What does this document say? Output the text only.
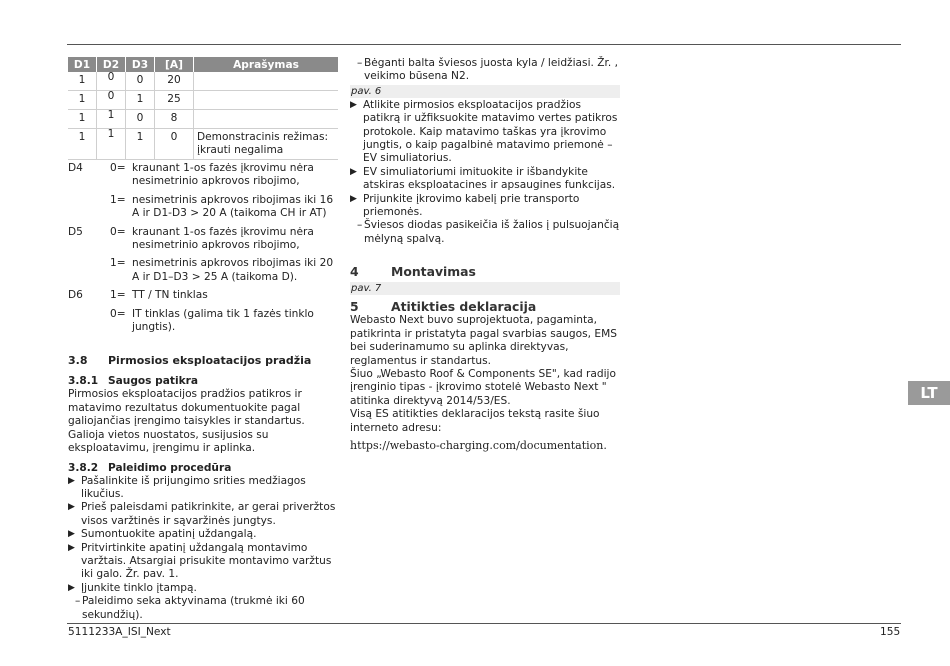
D1	D2	D3	[A]	Aprašymas
1	0	0	20	
1	0	1	25	
1	1	0	8	
1	1	1	0	Demonstracinis režimas: įkrauti negalima
D4	0= kraunant 1-os fazės įkrovimu nėra nesimetrinio apkrovos ribojimo,
1= nesimetrinis apkrovos ribojimas iki 16 A ir D1-D3 > 20 A (taikoma CH ir AT)
D5	0= kraunant 1-os fazės įkrovimu nėra nesimetrinio apkrovos ribojimo,
1= nesimetrinis apkrovos ribojimas iki 20 A ir D1–D3 > 25 A (taikoma D).
D6	1= TT / TN tinklas
0= IT tinklas (galima tik 1 fazės tinklo jungtis).
3.8	Pirmosios eksploatacijos pradžia
3.8.1 Saugos patikra

Pirmosios eksploatacijos pradžios patikros ir matavimo rezultatus dokumentuokite pagal galiojančias įrengimo taisykles ir standartus.

Galioja vietos nuostatos, susijusios su eksploatavimu, įrengimu ir aplinka.

3.8.2 Paleidimo procedūra
▶ Pašalinkite iš prijungimo srities medžiagos likučius.
▶ Prieš paleisdami patikrinkite, ar gerai priveržtos visos varžtinės ir sąvaržinės jungtys.
▶ Sumontuokite apatinį uždangalą.
▶ Pritvirtinkite apatinį uždangalą montavimo varžtais. Atsargiai prisukite montavimo varžtus iki galo. Žr. pav. 1.
▶ Įjunkite tinklo įtampą.
– Paleidimo seka aktyvinama (trukmė iki 60 sekundžių).
– Bėganti balta šviesos juosta kyla / leidžiasi. Žr. , veikimo būsena N2.
pav. 6
▶ Atlikite pirmosios eksploatacijos pradžios patikrą ir užfiksuokite matavimo vertes patikros protokole. Kaip matavimo taškas yra įkrovimo jungtis, o kaip pagalbinė matavimo priemonė – EV simuliatorius.
▶ EV simuliatoriumi imituokite ir išbandykite atskiras eksploatacines ir apsaugines funkcijas.
▶ Prijunkite įkrovimo kabelį prie transporto priemonės.
– Šviesos diodas pasikeičia iš žalios į pulsuojančią mėlyną spalvą.
4	Montavimas
pav. 7
5	Atitikties deklaracija

Webasto Next buvo suprojektuota, pagaminta, patikrinta ir pristatyta pagal svarbias saugos, EMS bei suderinamumo su aplinka direktyvas, reglamentus ir standartus.

Šiuo „Webasto Roof & Components SE", kad radijo įrenginio tipas - įkrovimo stotelė Webasto Next " atitinka direktyvą 2014/53/ES.

Visą ES atitikties deklaracijos tekstą rasite šiuo interneto adresu:

https://webasto-charging.com/documentation.

LT
5111233A_ISI_Next	155
